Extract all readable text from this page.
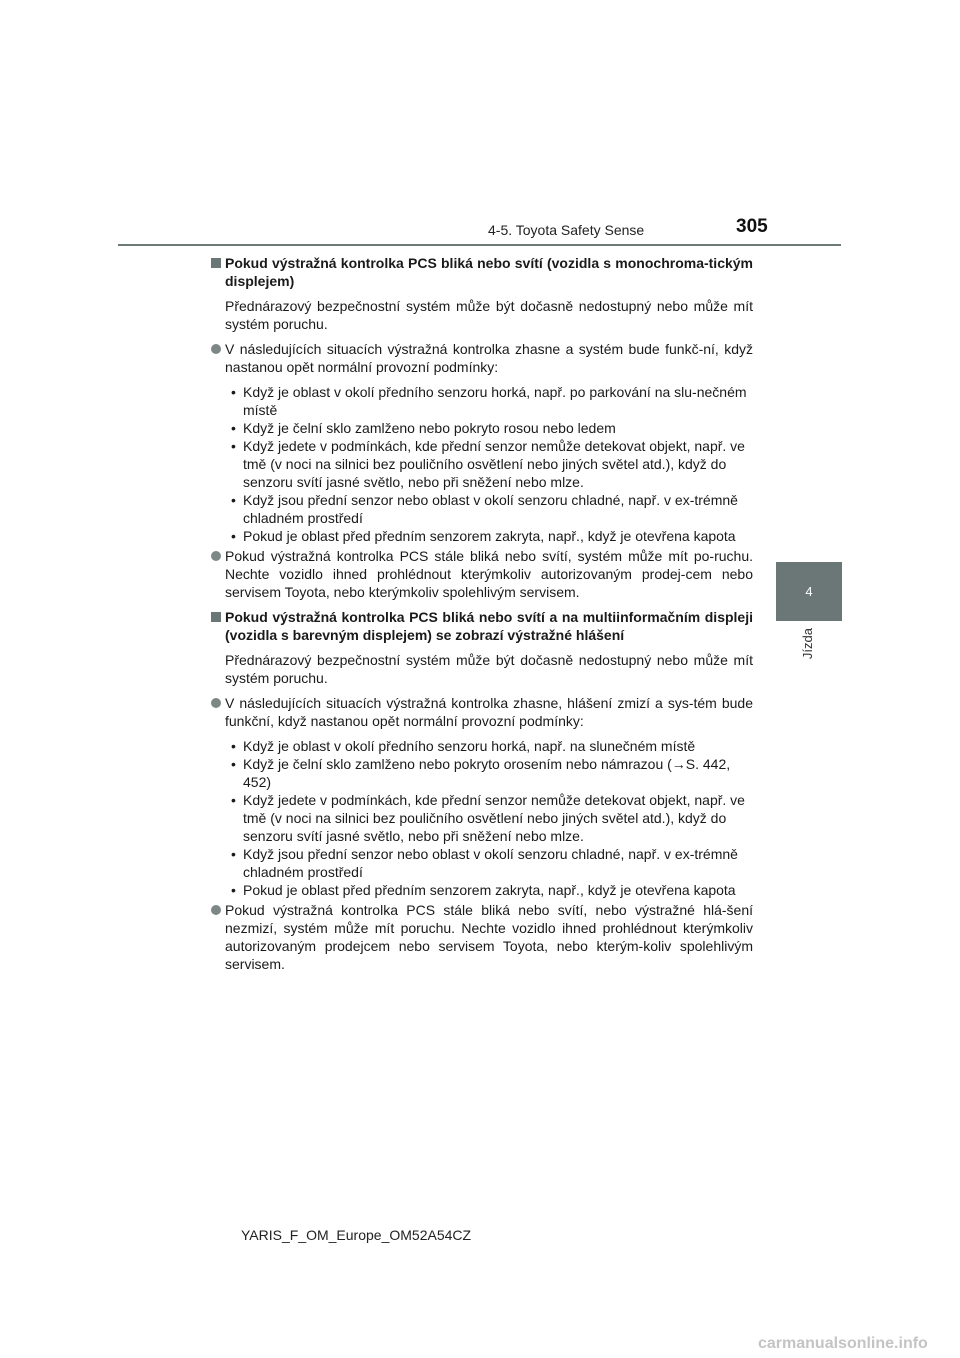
4-5. Toyota Safety Sense	305
4
Jízda
Pokud výstražná kontrolka PCS bliká nebo svítí (vozidla s monochroma-tickým displejem)
Přednárazový bezpečnostní systém může být dočasně nedostupný nebo může mít systém poruchu.
V následujících situacích výstražná kontrolka zhasne a systém bude funkč-ní, když nastanou opět normální provozní podmínky:
• Když je oblast v okolí předního senzoru horká, např. po parkování na slu-nečném místě
• Když je čelní sklo zamlženo nebo pokryto rosou nebo ledem
• Když jedete v podmínkách, kde přední senzor nemůže detekovat objekt, např. ve tmě (v noci na silnici bez pouličního osvětlení nebo jiných světel atd.), když do senzoru svítí jasné světlo, nebo při sněžení nebo mlze.
• Když jsou přední senzor nebo oblast v okolí senzoru chladné, např. v ex-trémně chladném prostředí
• Pokud je oblast před předním senzorem zakryta, např., když je otevřena kapota
Pokud výstražná kontrolka PCS stále bliká nebo svítí, systém může mít po-ruchu. Nechte vozidlo ihned prohlédnout kterýmkoliv autorizovaným prodej-cem nebo servisem Toyota, nebo kterýmkoliv spolehlivým servisem.
Pokud výstražná kontrolka PCS bliká nebo svítí a na multiinformačním displeji (vozidla s barevným displejem) se zobrazí výstražné hlášení
Přednárazový bezpečnostní systém může být dočasně nedostupný nebo může mít systém poruchu.
V následujících situacích výstražná kontrolka zhasne, hlášení zmizí a sys-tém bude funkční, když nastanou opět normální provozní podmínky:
• Když je oblast v okolí předního senzoru horká, např. na slunečném místě
• Když je čelní sklo zamlženo nebo pokryto orosením nebo námrazou (→S. 442, 452)
• Když jedete v podmínkách, kde přední senzor nemůže detekovat objekt, např. ve tmě (v noci na silnici bez pouličního osvětlení nebo jiných světel atd.), když do senzoru svítí jasné světlo, nebo při sněžení nebo mlze.
• Když jsou přední senzor nebo oblast v okolí senzoru chladné, např. v ex-trémně chladném prostředí
• Pokud je oblast před předním senzorem zakryta, např., když je otevřena kapota
Pokud výstražná kontrolka PCS stále bliká nebo svítí, nebo výstražné hlá-šení nezmizí, systém může mít poruchu. Nechte vozidlo ihned prohlédnout kterýmkoliv autorizovaným prodejcem nebo servisem Toyota, nebo kterým-koliv spolehlivým servisem.
YARIS_F_OM_Europe_OM52A54CZ
carmanualsonline.info
